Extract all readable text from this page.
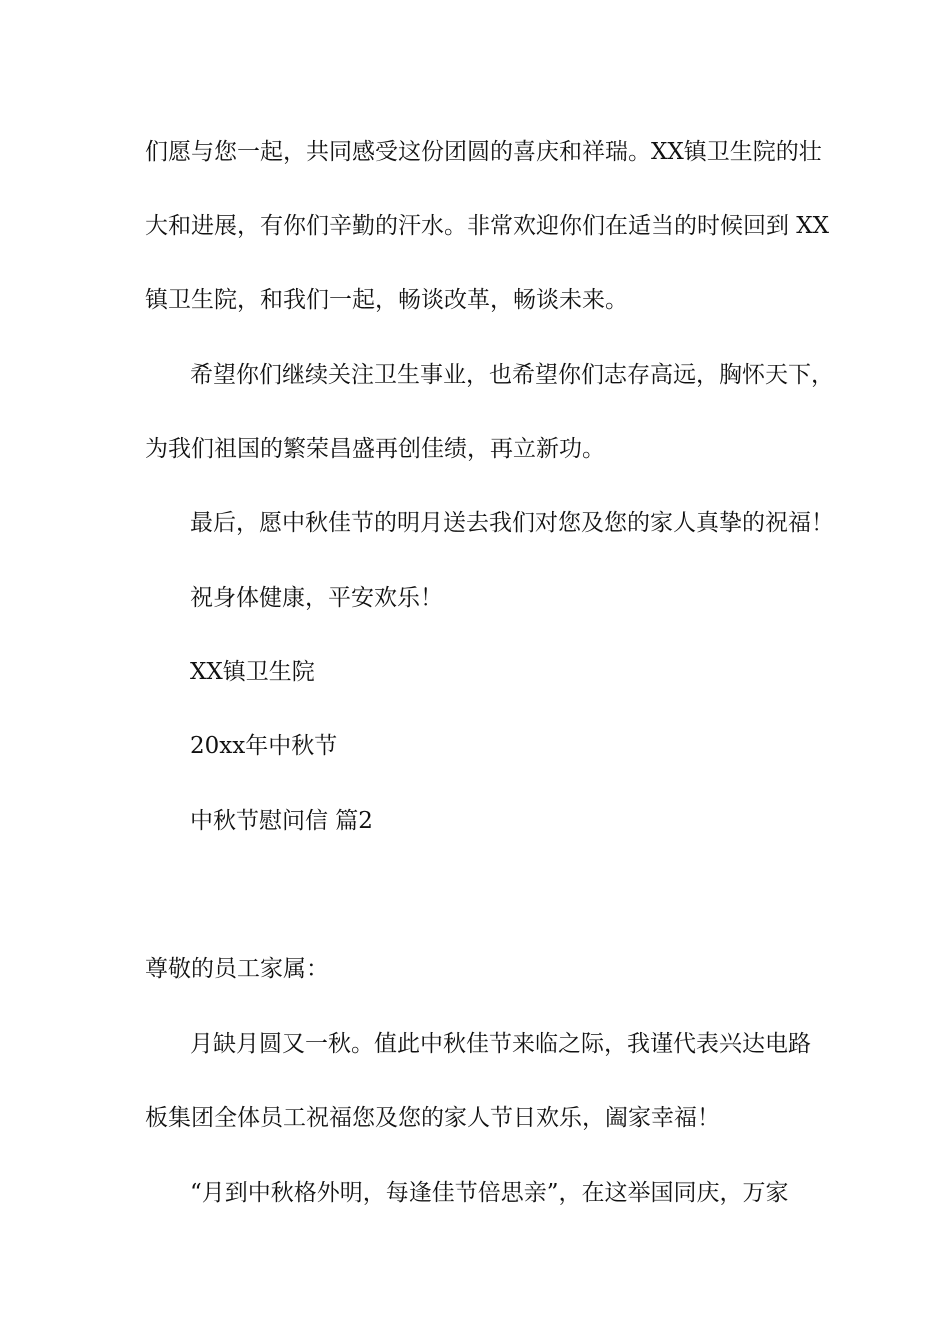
们愿与您一起，共同感受这份团圆的喜庆和祥瑞。XX镇卫生院的壮
大和进展，有你们辛勤的汗水。非常欢迎你们在适当的时候回到 XX
镇卫生院，和我们一起，畅谈改革，畅谈未来。
希望你们继续关注卫生事业，也希望你们志存高远，胸怀天下，
为我们祖国的繁荣昌盛再创佳绩，再立新功。
最后，愿中秋佳节的明月送去我们对您及您的家人真挚的祝福！
祝身体健康，平安欢乐！
XX镇卫生院
20xx年中秋节
中秋节慰问信 篇2
尊敬的员工家属：
月缺月圆又一秋。值此中秋佳节来临之际，我谨代表兴达电路
板集团全体员工祝福您及您的家人节日欢乐，阖家幸福！
“月到中秋格外明，每逢佳节倍思亲”，在这举国同庆，万家
